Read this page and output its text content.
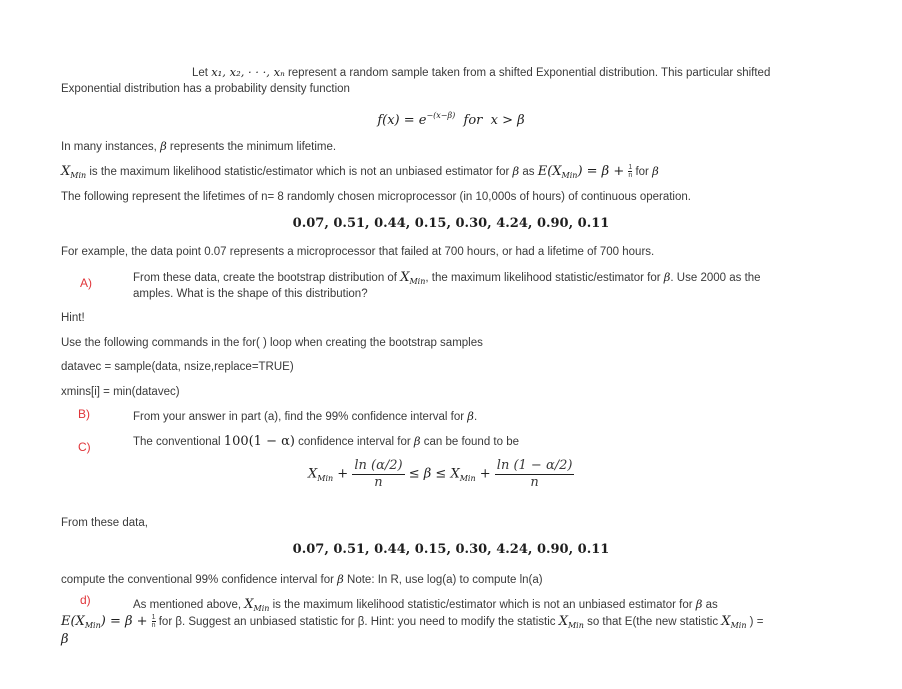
Let x₁, x₂, · · ·, xₙ represent a random sample taken from a shifted Exponential distribution. This particular shifted
Exponential distribution has a probability density function
$f(x) = e^{-(x-\beta)}$  for  x > β
In many instances, β represents the minimum lifetime.
$X_{Min}$ is the maximum likelihood statistic/estimator which is not an unbiased estimator for β as $E(X_{Min}) = \beta + \frac{1}{n}$ for β
The following represent the lifetimes of n= 8 randomly chosen microprocessor (in 10,000s of hours) of continuous operation.
0.07, 0.51, 0.44, 0.15, 0.30, 4.24, 0.90, 0.11
For example, the data point 0.07 represents a microprocessor that failed at 700 hours, or had a lifetime of 700 hours.
A)	From these data, create the bootstrap distribution of $X_{Min}$, the maximum likelihood statistic/estimator for β. Use 2000 as the
amples. What is the shape of this distribution?
Hint!
Use the following commands in the for( ) loop when creating the bootstrap samples
datavec = sample(data, nsize,replace=TRUE)
xmins[i] = min(datavec)
B)	From your answer in part (a), find the 99% confidence interval for β.
C)	The conventional 100(1 − α) confidence interval for β can be found to be
$X_{Min} + \frac{\ln (\alpha/2)}{n} \le \beta \le X_{Min} + \frac{\ln (1 - \alpha/2)}{n}$
From these data,
0.07, 0.51, 0.44, 0.15, 0.30, 4.24, 0.90, 0.11
compute the conventional 99% confidence interval for β Note: In R, use log(a) to compute ln(a)
d)	As mentioned above, $X_{Min}$ is the maximum likelihood statistic/estimator which is not an unbiased estimator for β as
$E(X_{Min}) = \beta + \frac{1}{n}$ for β. Suggest an unbiased statistic for β. Hint: you need to modify the statistic $X_{Min}$ so that E(the new statistic $X_{Min}$ ) =
β
